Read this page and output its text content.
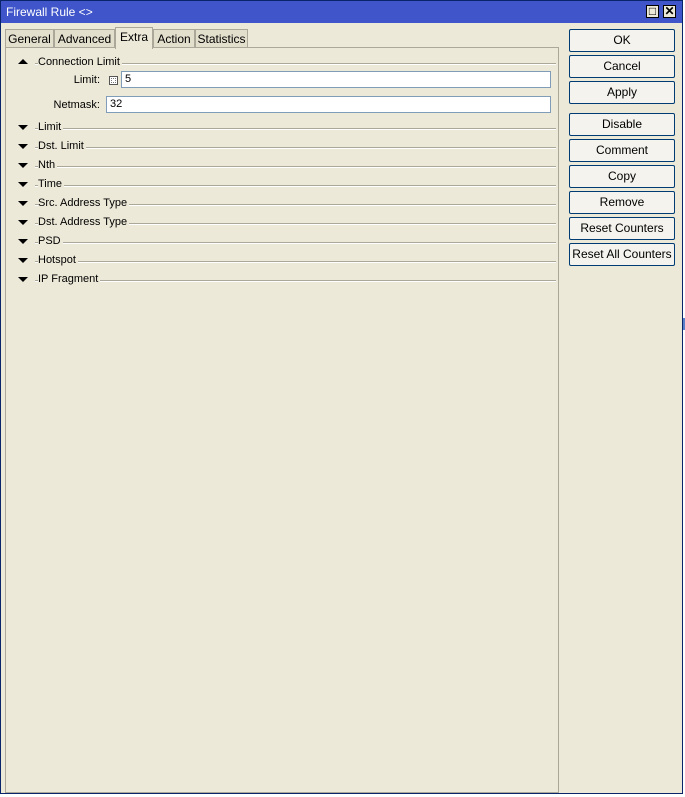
Firewall Rule <>	□ ✕
General Advanced Extra Action Statistics
Connection Limit
Limit:	5
Netmask: 32
Limit
Dst. Limit
Nth
Time
Src. Address Type
Dst. Address Type
PSD
Hotspot
IP Fragment
OK
Cancel
Apply
Disable
Comment
Copy
Remove
Reset Counters
Reset All Counters
